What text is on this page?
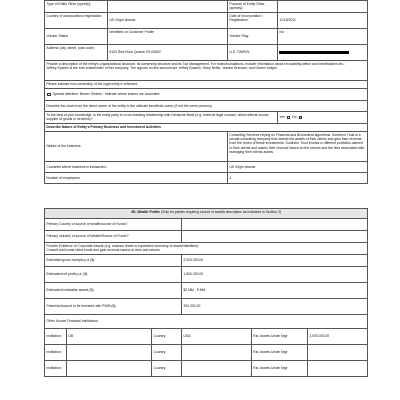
Type of Entity Other (specify):		Purpose of Entity Other (specify):	
Country of incorporation/ registration:	US Virgin Islands	Date of Incorporation / Registration:	11/18/2011
Volcker Status	Identified on Customer Profile	Volcker Flag:	No
Address (city, street, post code):	6100 Red Hook Quarter B3 00802	U.S. TIN/EIN:	

Provide a description of the entity's organizational structure, its ownership structure and its Top Management. For trusts/foundations, include information about revocability,settlor and beneficiaries,etc.:
Jeffrey Epstein is the sole shareholder of this company. The signors on this account are Jeffrey Epstein, Harry Beller, Jeanne Brennan, and Darren Indyke.			

Please indicate how ownership of the legal entity is reflected:			
Special attention: Bearer Shares - Indicate where shares are custodied:			
Describe the chain from the direct owner of the entity to the ultimate beneficial owner (if not the same persons)			
To the best of your knowledge, is the entity party to a non-banking relationship with Deutsche Bank (e.g. external legal counsel, client referral source, supplier of goods or services)?			Yes No ✓
Describe Nature of Entity's Primary Business and Investment Activities			
Nature of the business:		Consulting Services relying on Financial and Biomedical algorithms. Southern Trust is a private consulting company that invests the assets of their clients and gets their revenue from the return of these investments. Southern Trust invests in different portfolios catered to their clients and makes their revenue based on the returns and the fees associated with managing their clients assets.	
Countries where business is transacted:		US Virgin Islands	
Number of employees:		4	
3D. Wealth Profile (Only for parties requiring source of wealth description as indicated in Section 2)					
Primary Country of source of wealth/source of Funds?					
Primary industry of source of Wealth/Source of Funds?					

Provide Evidence of Corporate Assets (e.g. balance sheet or equivalent summary of assets/liabilities):
Consult and invest client funds and gain revenue based on fees and returns					

Estimated gross receipts p.a ($):			2,000,000.00		
Estimated net profit p.a. ($):			1,500,000.00		
Estimated investable assets ($):			$2 MM - 5 MM		
Potential Amount to be Invested with PWM ($):			300,000.00		
Other Known Financial Institutions:					
Institution:	DB	Country:	USA	Est. Assets Under Mgt:	2,000,000.00
Institution:		Country:		Est. Assets Under Mgt:	
Institution:		Country:		Est. Assets Under Mgt:	
